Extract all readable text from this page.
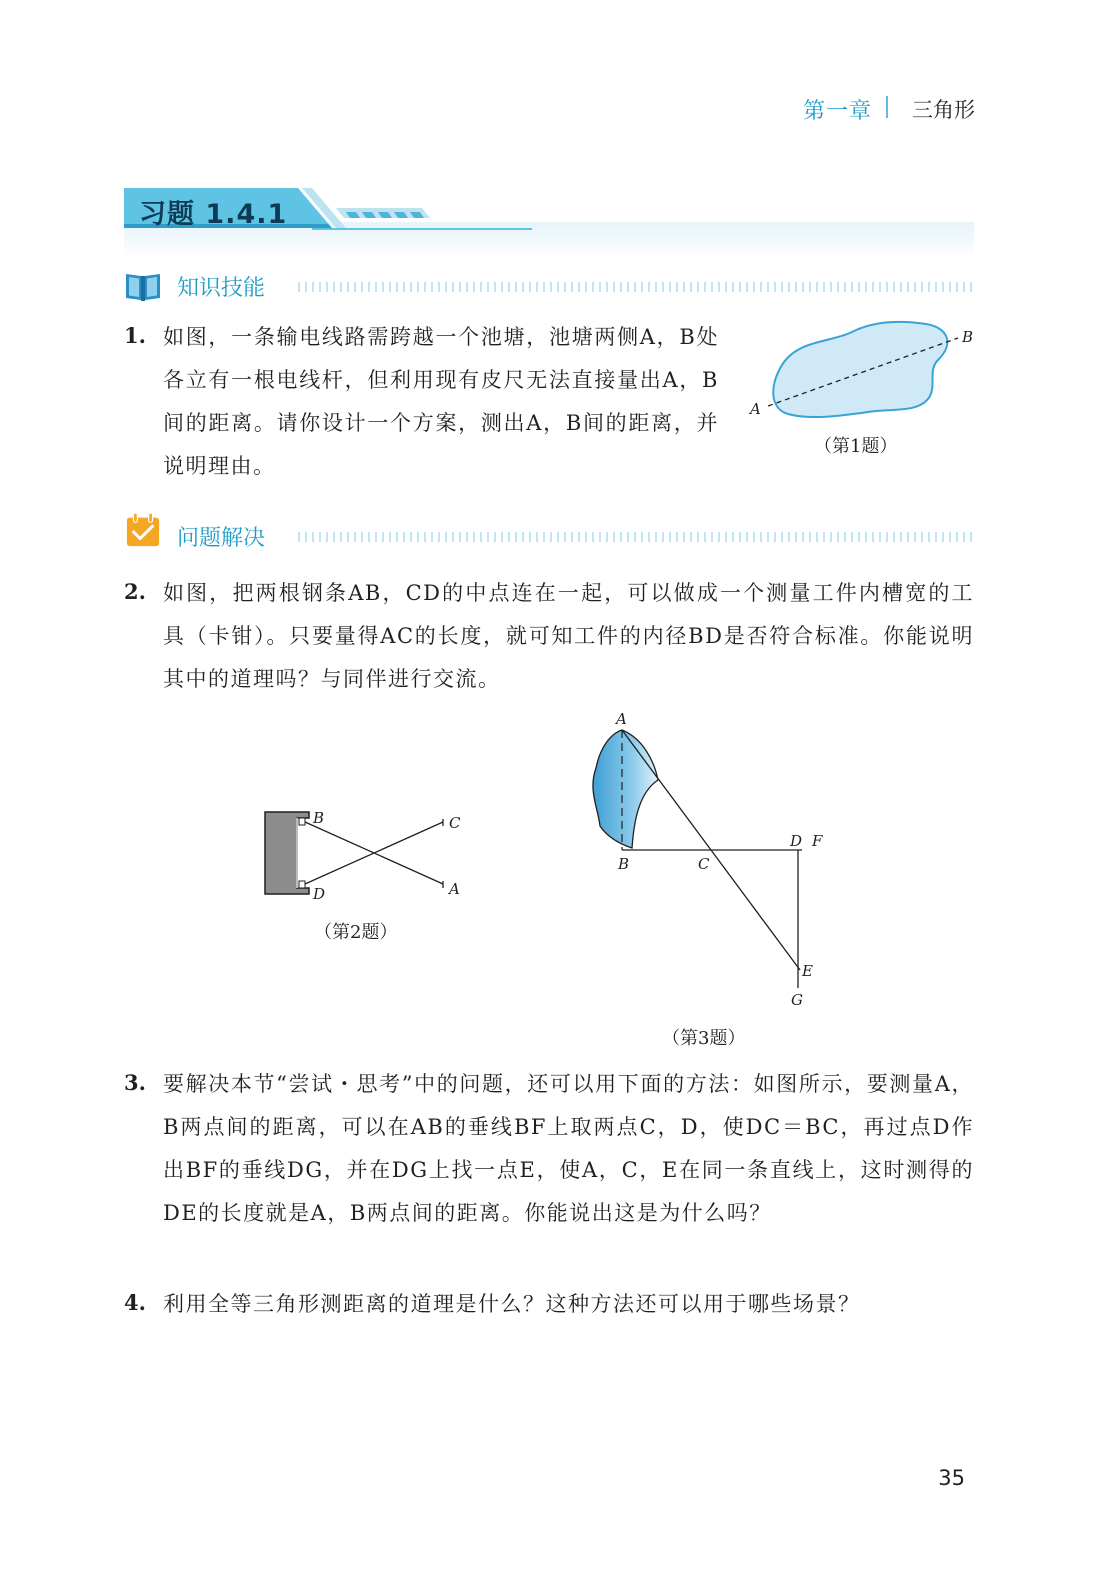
第一章 三角形
习题 1.4.1
知识技能
1. 如图，一条输电线路需跨越一个池塘，池塘两侧A，B处各立有一根电线杆，但利用现有皮尺无法直接量出A，B间的距离。请你设计一个方案，测出A，B间的距离，并说明理由。
A
B
（第1题）
问题解决
2. 如图，把两根钢条AB，CD的中点连在一起，可以做成一个测量工件内槽宽的工具（卡钳）。只要量得AC的长度，就可知工件的内径BD是否符合标准。你能说明其中的道理吗？与同伴进行交流。
B	C
D	A
（第2题）
A
B	C
D F
E
G
（第3题）
3. 要解决本节“尝试・思考”中的问题，还可以用下面的方法：如图所示，要测量A，B两点间的距离，可以在AB的垂线BF上取两点C，D，使DC＝BC，再过点D作出BF的垂线DG，并在DG上找一点E，使A，C，E在同一条直线上，这时测得的DE的长度就是A，B两点间的距离。你能说出这是为什么吗？
4. 利用全等三角形测距离的道理是什么？这种方法还可以用于哪些场景？
35
